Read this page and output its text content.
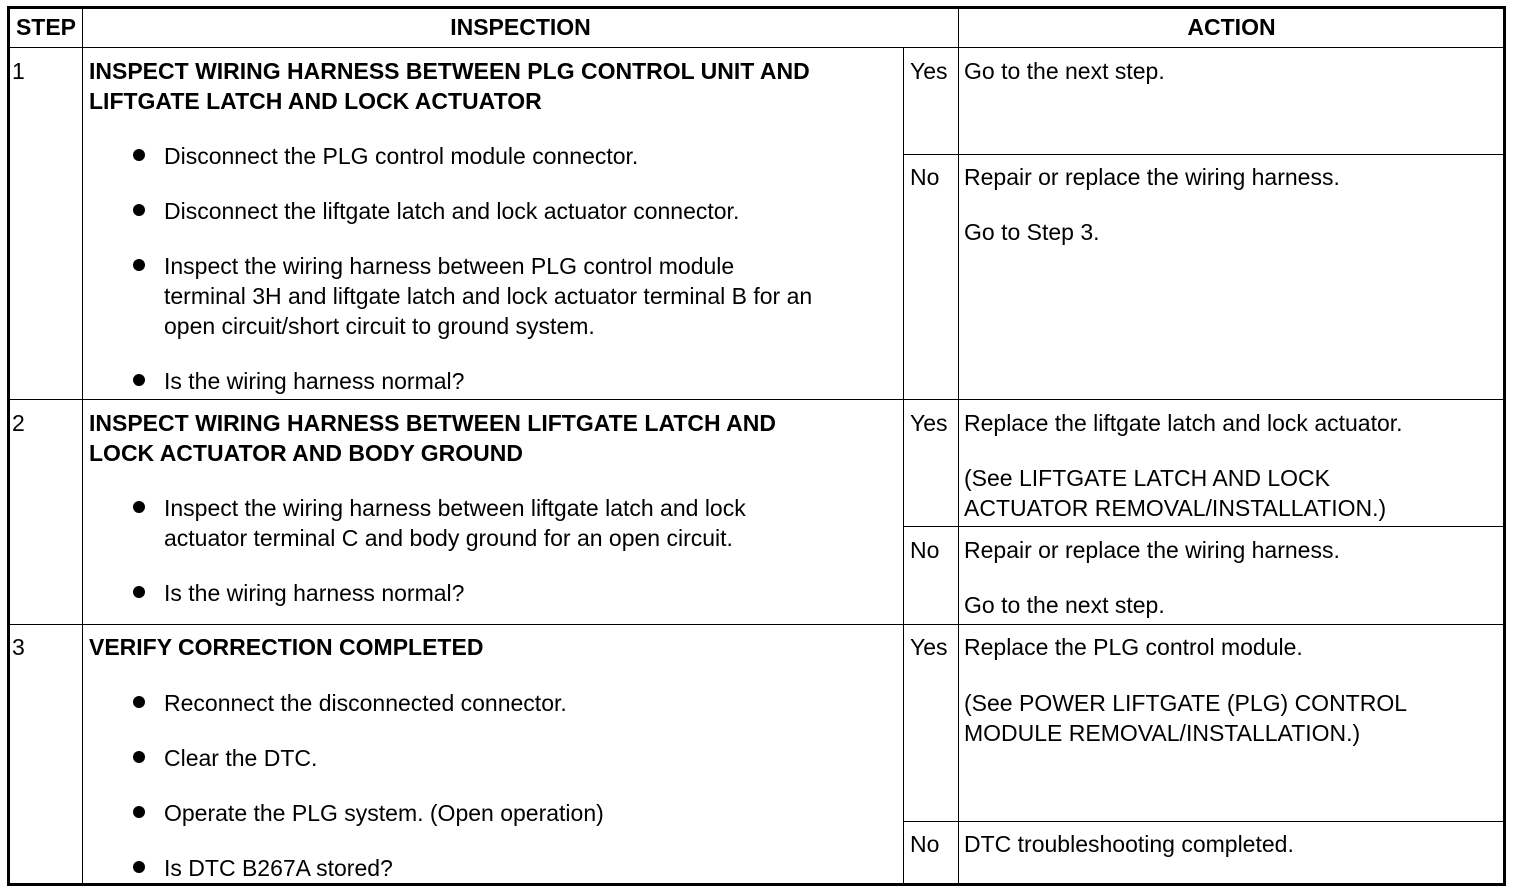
STEP	INSPECTION	ACTION
1	INSPECT WIRING HARNESS BETWEEN PLG CONTROL UNIT AND
LIFTGATE LATCH AND LOCK ACTUATOR
Disconnect the PLG control module connector.
Disconnect the liftgate latch and lock actuator connector.
Inspect the wiring harness between PLG control module
terminal 3H and liftgate latch and lock actuator terminal B for an
open circuit/short circuit to ground system.
Is the wiring harness normal?
Yes Go to the next step.
No Repair or replace the wiring harness.
Go to Step 3.
2	INSPECT WIRING HARNESS BETWEEN LIFTGATE LATCH AND
LOCK ACTUATOR AND BODY GROUND
Inspect the wiring harness between liftgate latch and lock
actuator terminal C and body ground for an open circuit.
Is the wiring harness normal?
Yes Replace the liftgate latch and lock actuator.
(See LIFTGATE LATCH AND LOCK
ACTUATOR REMOVAL/INSTALLATION.)
No Repair or replace the wiring harness.
Go to the next step.
3	VERIFY CORRECTION COMPLETED
Reconnect the disconnected connector.
Clear the DTC.
Operate the PLG system. (Open operation)
Is DTC B267A stored?
Yes Replace the PLG control module.
(See POWER LIFTGATE (PLG) CONTROL
MODULE REMOVAL/INSTALLATION.)
No DTC troubleshooting completed.
